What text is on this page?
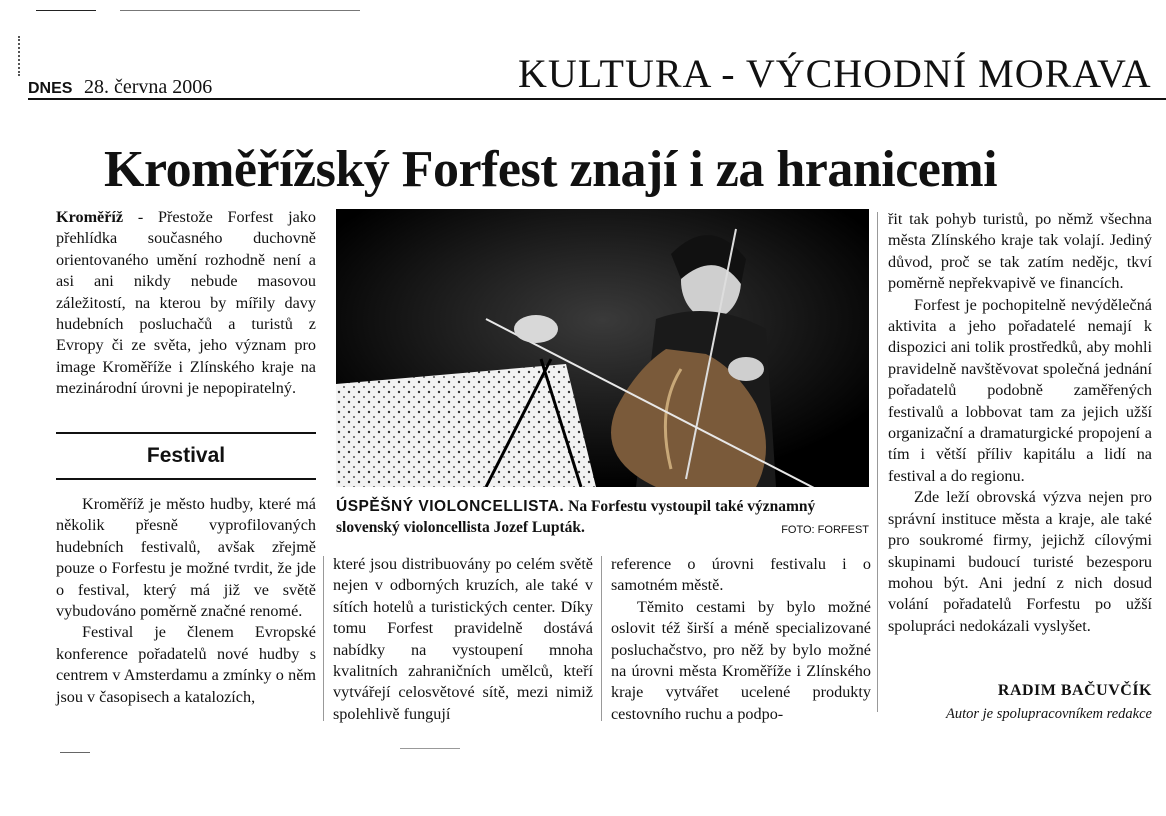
DNES 28. června 2006	KULTURA - VÝCHODNÍ MORAVA
Kroměřížský Forfest znají i za hranicemi

Kroměříž - Přestože Forfest jako přehlídka současného duchovně orientovaného umění rozhodně není a asi ani nikdy nebude masovou záležitostí, na kterou by mířily davy hudebních posluchačů a turistů z Evropy či ze světa, jeho význam pro image Kroměříže i Zlínského kraje na mezinárodní úrovni je nepopiratelný.

Festival

Kroměříž je město hudby, které má několik přesně vyprofilovaných hudebních festivalů, avšak zřejmě pouze o Forfestu je možné tvrdit, že jde o festival, který má již ve světě vybudováno poměrně značné renomé.

Festival je členem Evropské konference pořadatelů nové hudby s centrem v Amsterdamu a zmínky o něm jsou v časopisech a katalozích,

ÚSPĚŠNÝ VIOLONCELLISTA. Na Forfestu vystoupil také významný slovenský violoncellista Jozef Lupták.	FOTO: FORFEST

které jsou distribuovány po celém světě nejen v odborných kruzích, ale také v sítích hotelů a turistických center. Díky tomu Forfest pravidelně dostává nabídky na vystoupení mnoha kvalitních zahraničních umělců, kteří vytvářejí celosvětové sítě, mezi nimiž spolehlivě fungují

reference o úrovni festivalu i o samotném městě.

Těmito cestami by bylo možné oslovit též širší a méně specializované posluchačstvo, pro něž by bylo možné na úrovni města Kroměříže i Zlínského kraje vytvářet ucelené produkty cestovního ruchu a podpo-

řit tak pohyb turistů, po němž všechna města Zlínského kraje tak volají. Jediný důvod, proč se tak zatím nedějc, tkví poměrně nepřekvapivě ve financích.

Forfest je pochopitelně nevýdělečná aktivita a jeho pořadatelé nemají k dispozici ani tolik prostředků, aby mohli pravidelně navštěvovat společná jednání pořadatelů podobně zaměřených festivalů a lobbovat tam za jejich užší organizační a dramaturgické propojení a tím i větší příliv kapitálu a lidí na festival a do regionu.

Zde leží obrovská výzva nejen pro správní instituce města a kraje, ale také pro soukromé firmy, jejichž cílovými skupinami budoucí turisté bezesporu mohou být. Ani jední z nich dosud volání pořadatelů Forfestu po užší spolupráci nedokázali vyslyšet.

RADIM BAČUVČÍK
Autor je spolupracovníkem redakce
